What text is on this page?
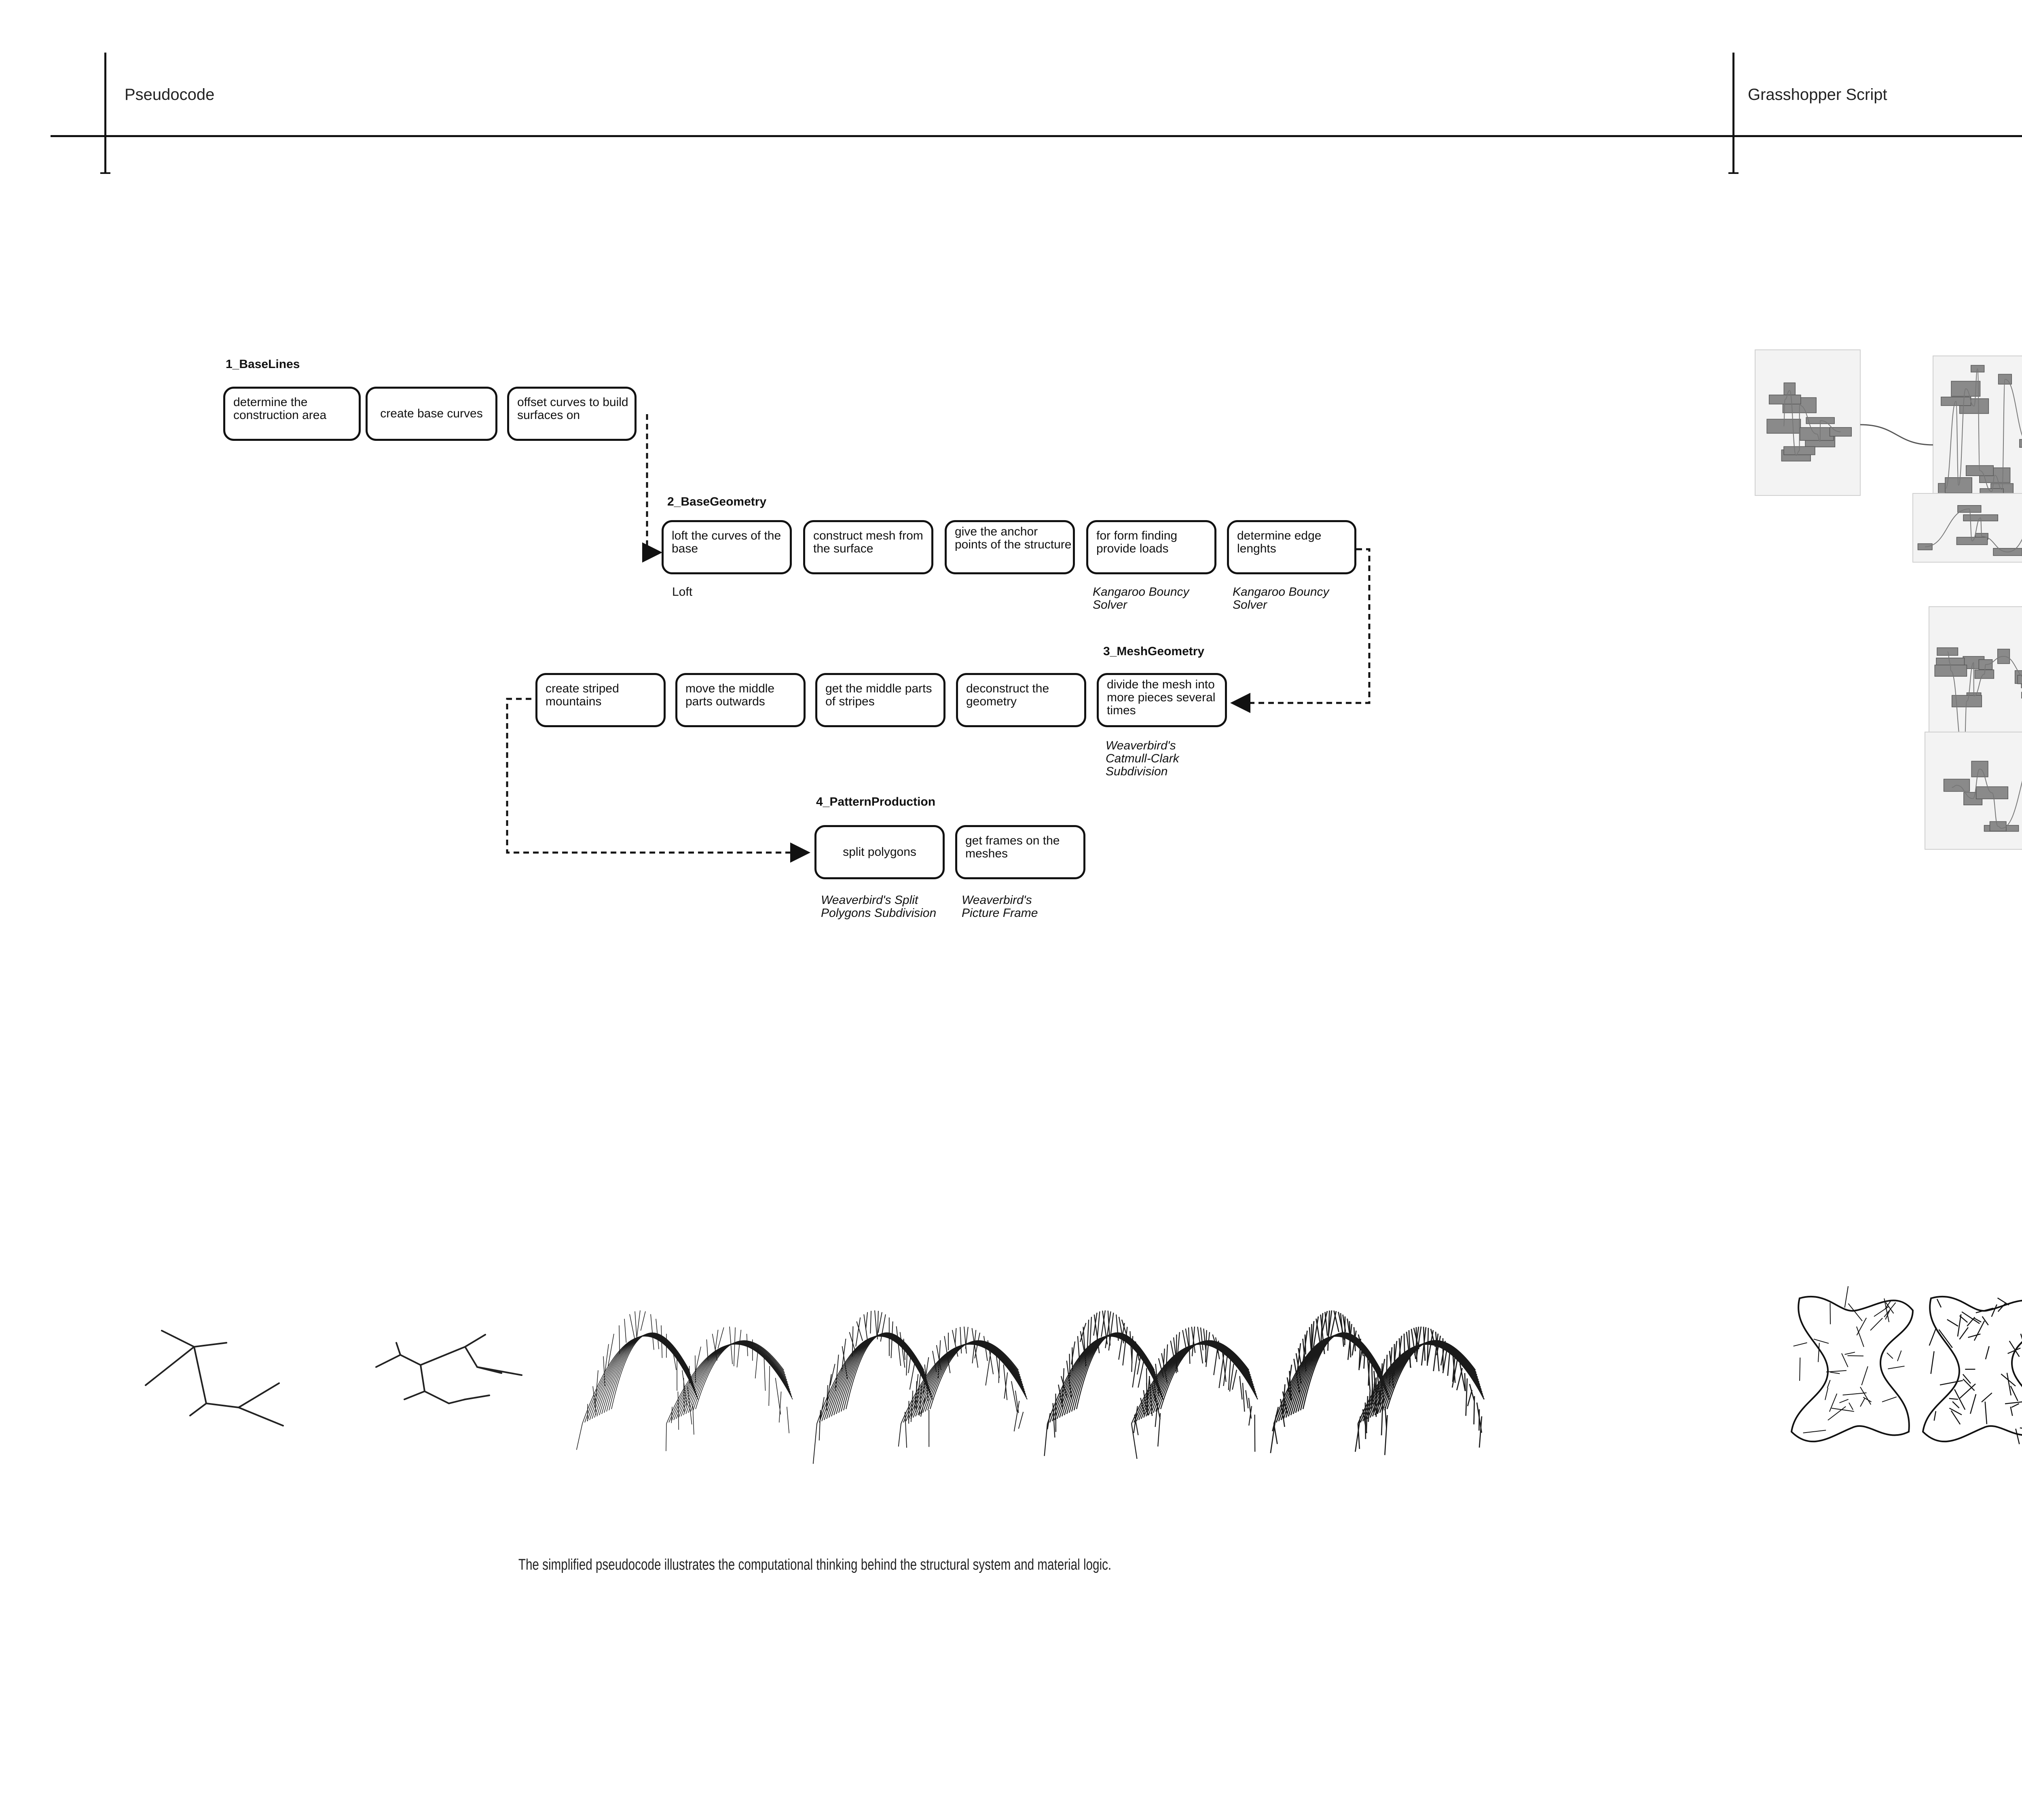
Pseudocode	Grasshopper Script
1_BaseLines
determine the construction area	create base curves
offset curves to build surfaces on
2_BaseGeometry
loft the curves of the base
construct mesh from the surface
give the anchor points of the structure
for form finding provide loads
determine edge lenghts
Loft	Kangaroo Bouncy Solver
Kangaroo Bouncy Solver
3_MeshGeometry
create striped mountains
move the middle parts outwards
get the middle parts of stripes
deconstruct the geometry
divide the mesh into more pieces several times
Weaverbird's Catmull-Clark Subdivision
4_PatternProduction
split polygons
get frames on the meshes
Weaverbird's Split Polygons Subdivision
Weaverbird's Picture Frame
The simplified pseudocode illustrates the computational thinking behind the structural system and material logic.
